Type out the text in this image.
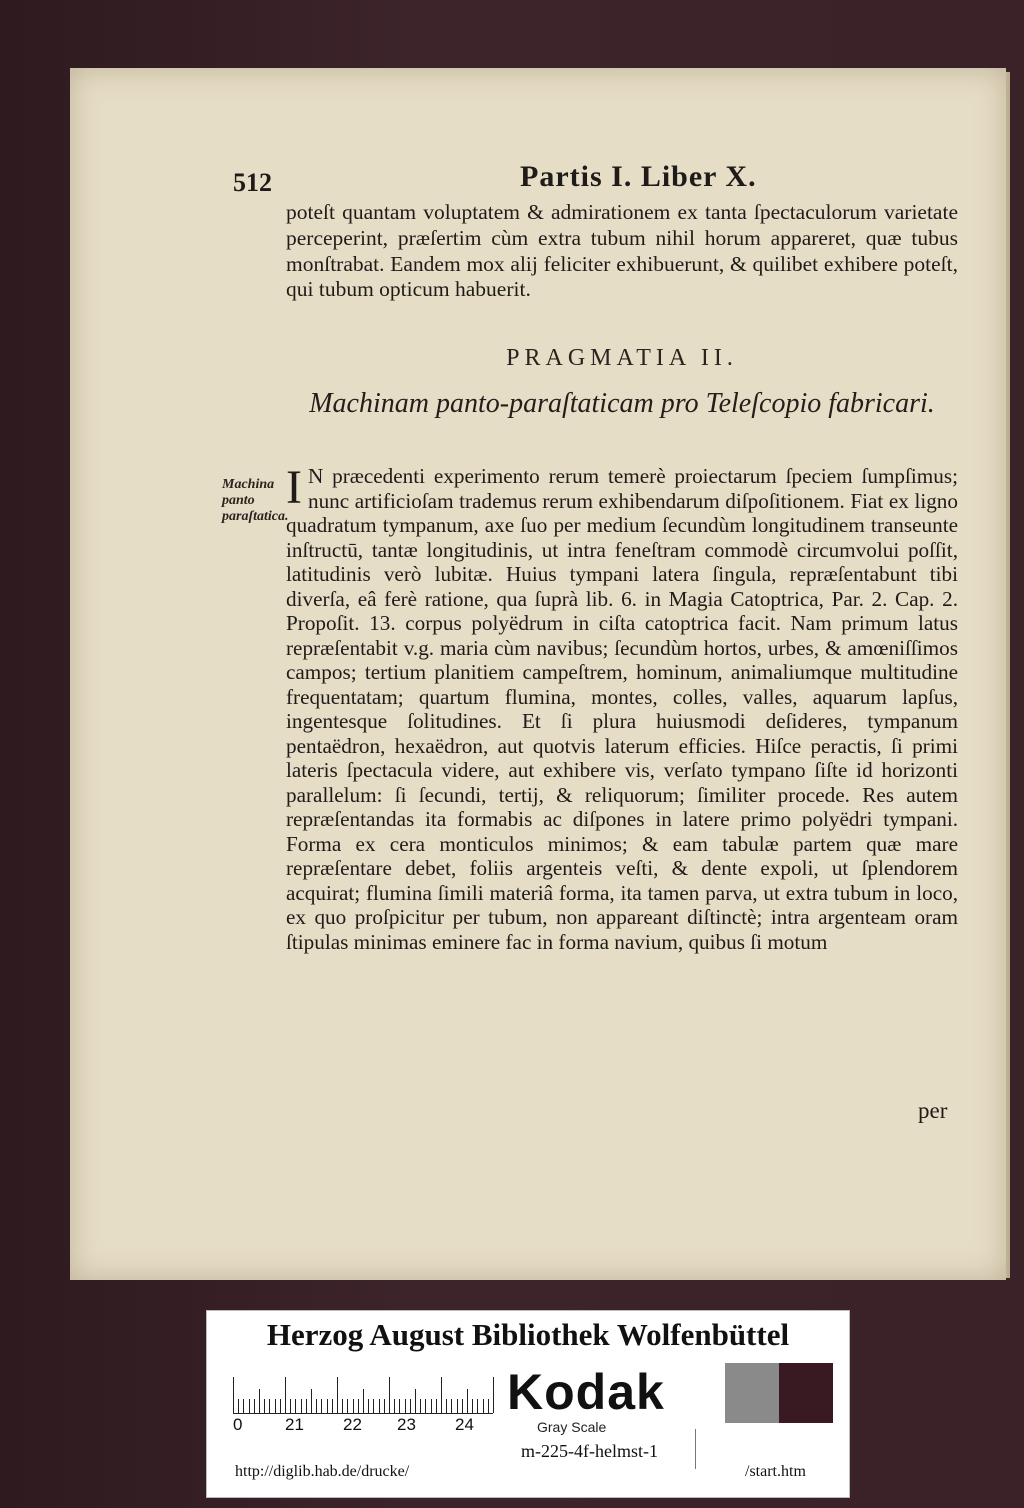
512	Partis I. Liber X.
poteſt quantam voluptatem & admirationem ex tanta ſpectaculorum varietate perceperint, præſertim cùm extra tubum nihil horum appareret, quæ tubus monſtrabat. Eandem mox alij feliciter exhibuerunt, & quilibet exhibere poteſt, qui tubum opticum habuerit.
PRAGMATIA II.
Machinam panto-paraſtaticam pro Teleſcopio fabricari.
Machina panto paraſtatica.
I N præcedenti experimento rerum temerè proiectarum ſpeciem ſumpſimus; nunc artificioſam trademus rerum exhibendarum diſpoſitionem. Fiat ex ligno quadratum tympanum, axe ſuo per medium ſecundùm longitudinem transeunte inſtructū, tantæ longitudinis, ut intra feneſtram commodè circumvolui poſſit, latitudinis verò lubitæ. Huius tympani latera ſingula, repræſentabunt tibi diverſa, eâ ferè ratione, qua ſuprà lib. 6. in Magia Catoptrica, Par. 2. Cap. 2. Propoſit. 13. corpus polyëdrum in ciſta catoptrica facit. Nam primum latus repræſentabit v.g. maria cùm navibus; ſecundùm hortos, urbes, & amœniſſimos campos; tertium planitiem campeſtrem, hominum, animaliumque multitudine frequentatam; quartum flumina, montes, colles, valles, aquarum lapſus, ingentesque ſolitudines. Et ſi plura huiusmodi deſideres, tympanum pentaëdron, hexaëdron, aut quotvis laterum efficies. Hiſce peractis, ſi primi lateris ſpectacula videre, aut exhibere vis, verſato tympano ſiſte id horizonti parallelum: ſi ſecundi, tertij, & reliquorum; ſimiliter procede. Res autem repræſentandas ita formabis ac diſpones in latere primo polyëdri tympani. Forma ex cera monticulos minimos; & eam tabulæ partem quæ mare repræſentare debet, foliis argenteis veſti, & dente expoli, ut ſplendorem acquirat; flumina ſimili materiâ forma, ita tamen parva, ut extra tubum in loco, ex quo proſpicitur per tubum, non appareant diſtinctè; intra argenteam oram ſtipulas minimas eminere fac in forma navium, quibus ſi motum
per
Herzog August Bibliothek Wolfenbüttel
0	21 22 23 24
Kodak
Gray Scale
http://diglib.hab.de/drucke/
m-225-4f-helmst-1
/start.htm
